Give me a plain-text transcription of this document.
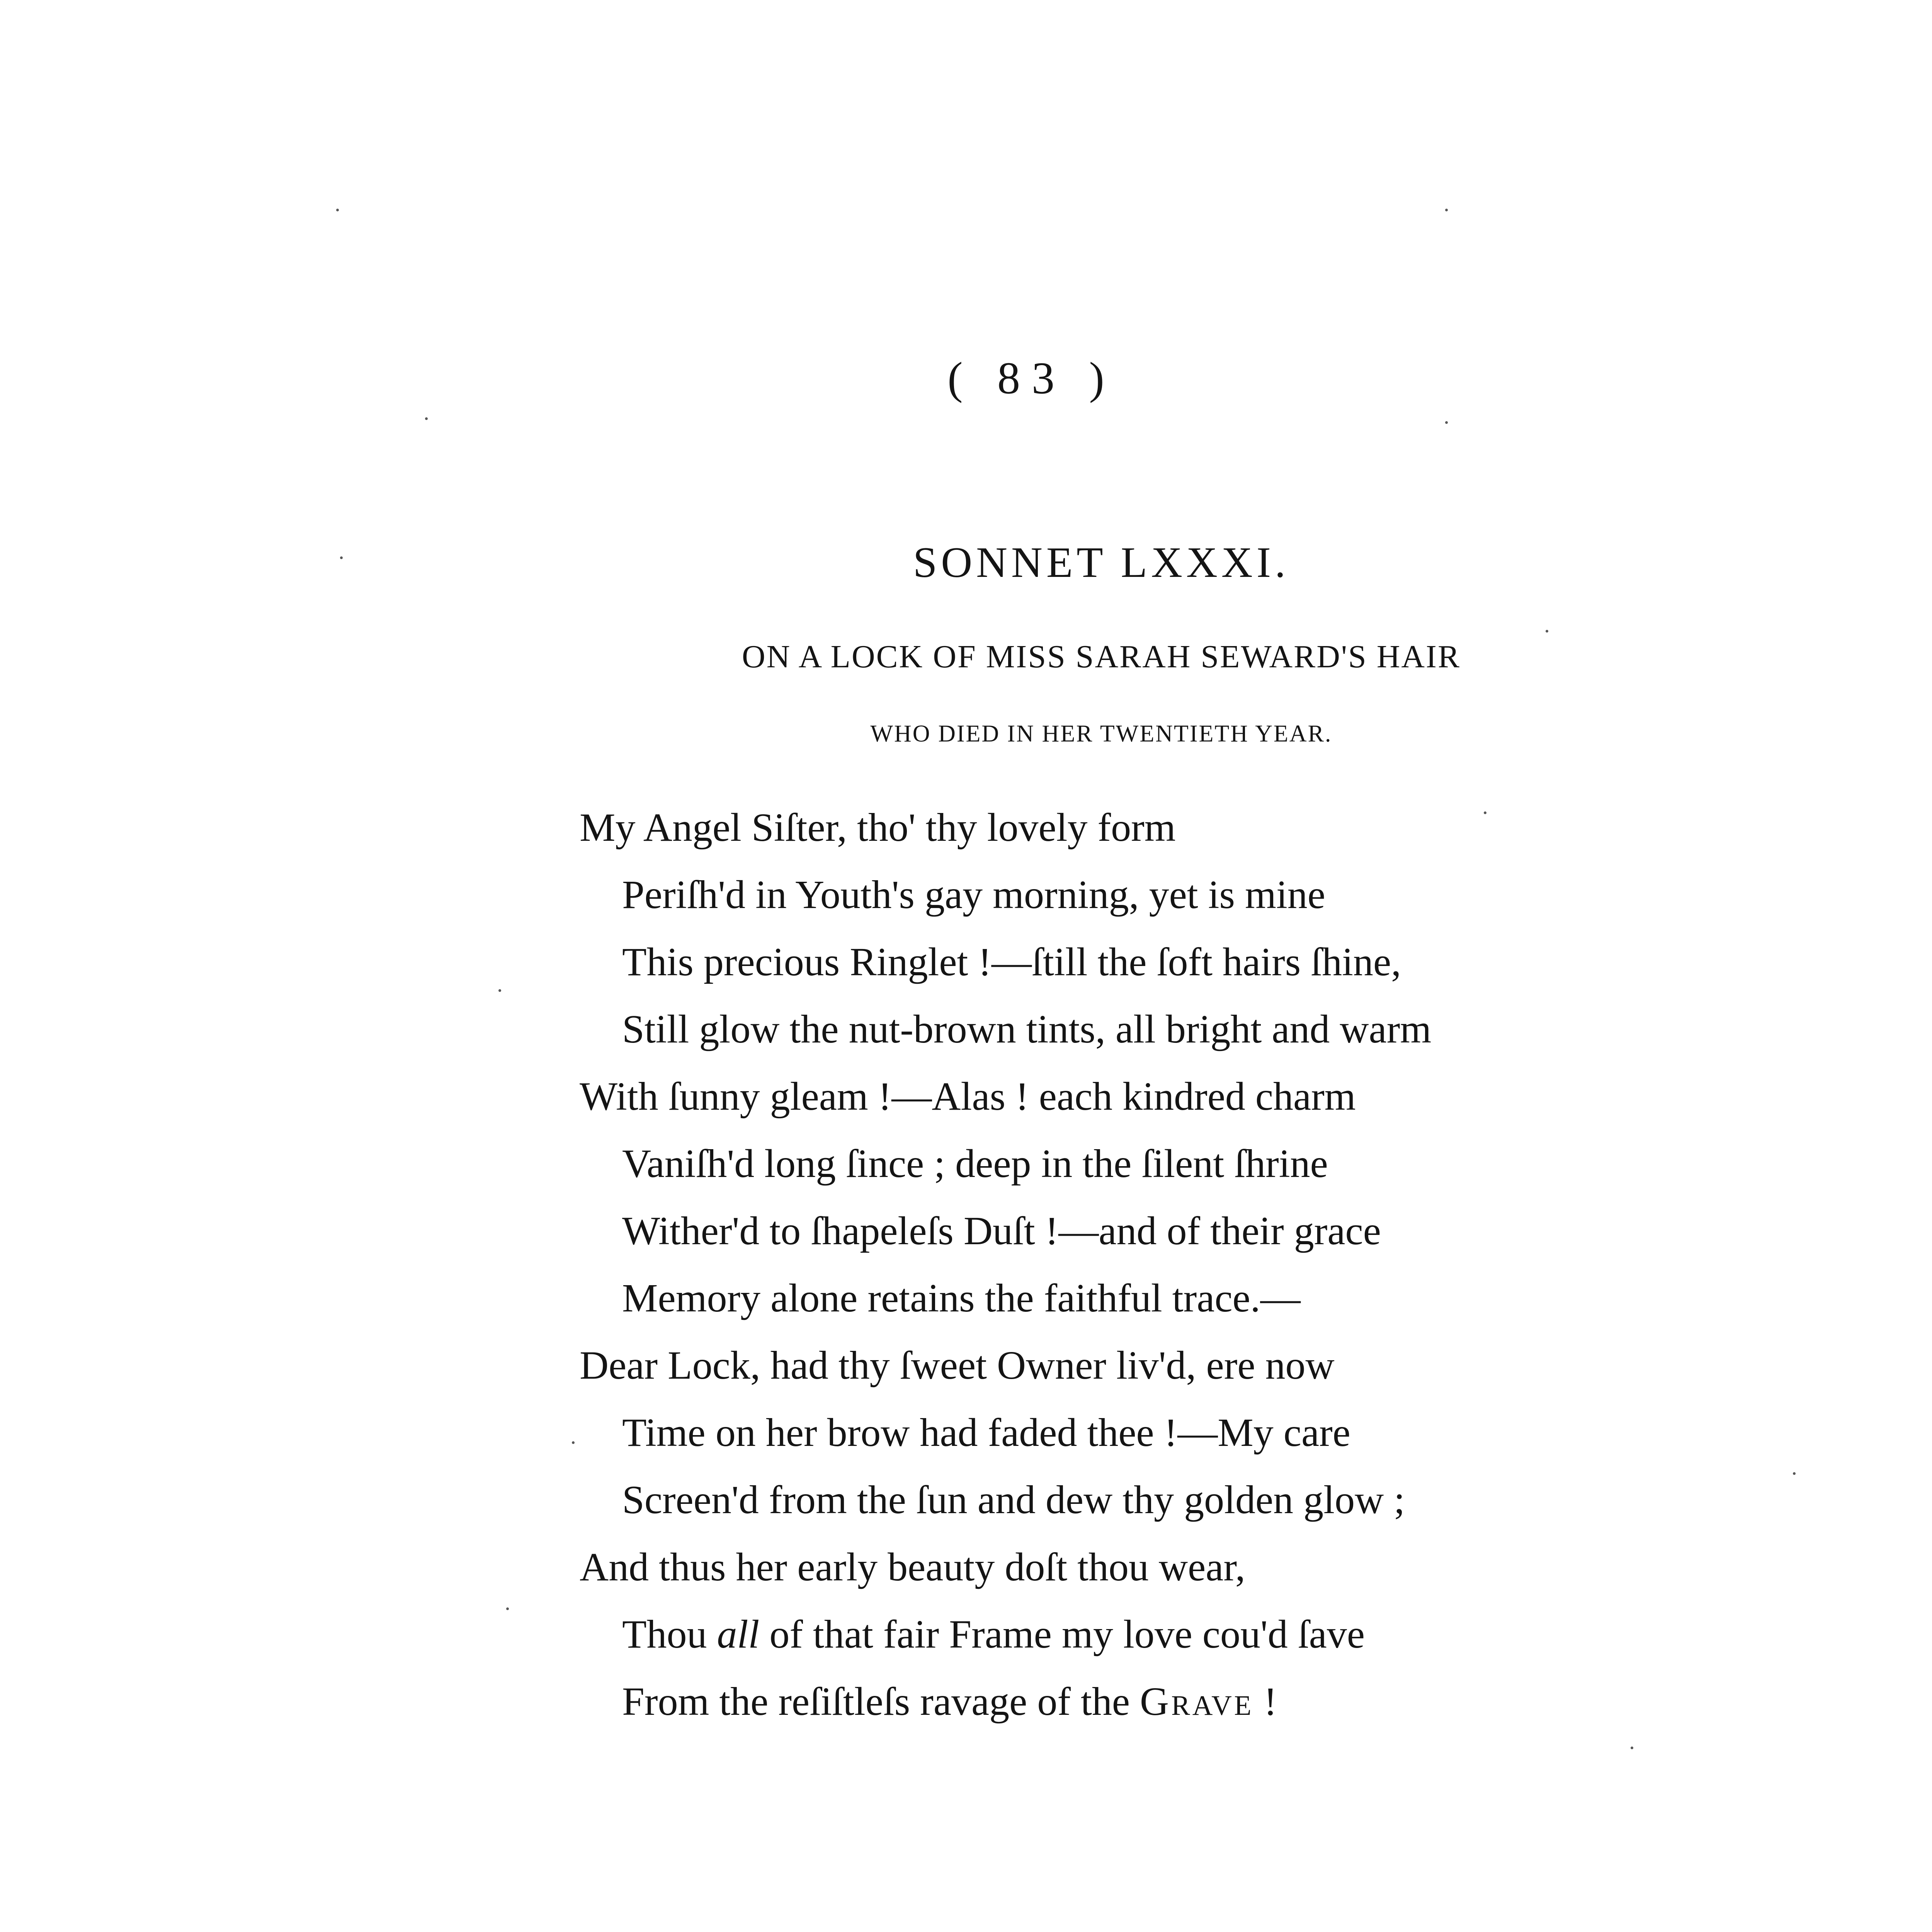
( 83 )
SONNET LXXXI.
ON A LOCK OF MISS SARAH SEWARD'S HAIR
WHO DIED IN HER TWENTIETH YEAR.
My Angel Siſter, tho' thy lovely form
Periſh'd in Youth's gay morning, yet is mine
This precious Ringlet !—ſtill the ſoft hairs ſhine,
Still glow the nut-brown tints, all bright and warm
With ſunny gleam !—Alas ! each kindred charm
Vaniſh'd long ſince ; deep in the ſilent ſhrine
Wither'd to ſhapeleſs Duſt !—and of their grace
Memory alone retains the faithful trace.—
Dear Lock, had thy ſweet Owner liv'd, ere now
Time on her brow had faded thee !—My care
Screen'd from the ſun and dew thy golden glow ;
And thus her early beauty doſt thou wear,
Thou all of that fair Frame my love cou'd ſave
From the reſiſtleſs ravage of the Grave !
